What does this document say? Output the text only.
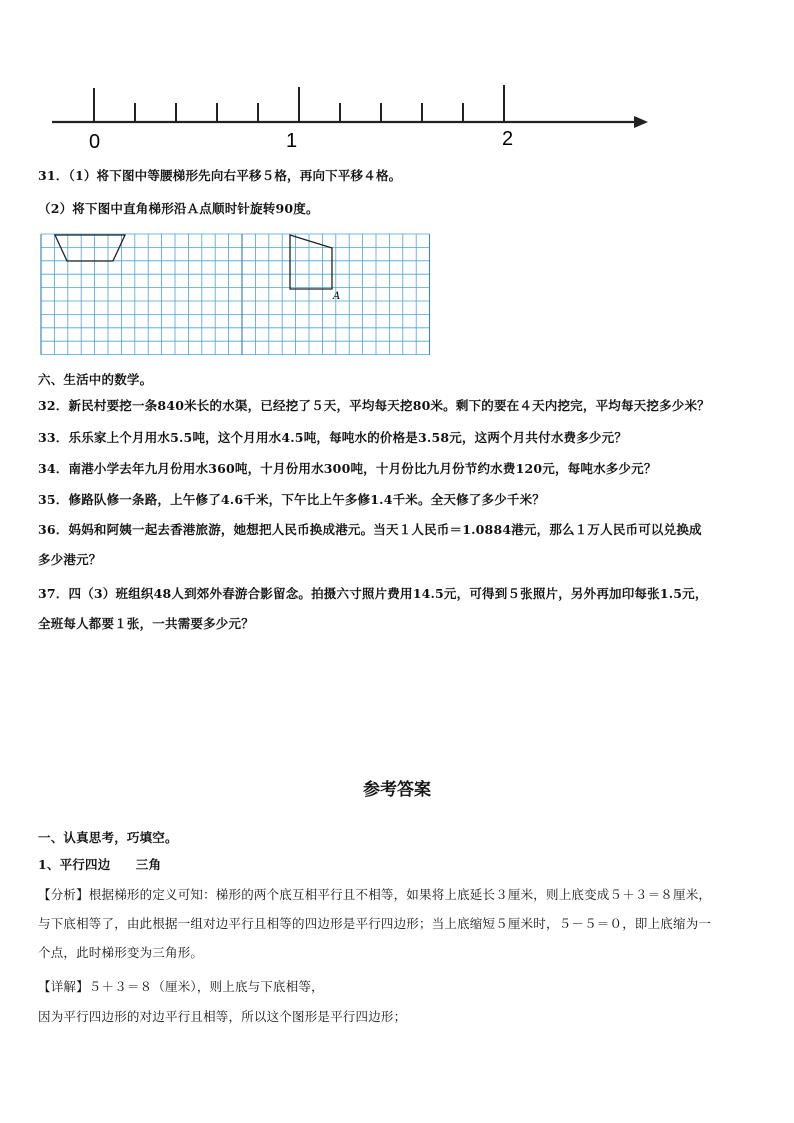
0	1	2
31．（1）将下图中等腰梯形先向右平移５格，再向下平移４格。
（2）将下图中直角梯形沿Ａ点顺时针旋转90度。
A
六、生活中的数学。
32．新民村要挖一条840米长的水渠，已经挖了５天，平均每天挖80米。剩下的要在４天内挖完，平均每天挖多少米？
33．乐乐家上个月用水5.5吨，这个月用水4.5吨，每吨水的价格是3.58元，这两个月共付水费多少元？
34．南港小学去年九月份用水360吨，十月份用水300吨，十月份比九月份节约水费120元，每吨水多少元？
35．修路队修一条路，上午修了4.6千米，下午比上午多修1.4千米。全天修了多少千米？
36．妈妈和阿姨一起去香港旅游，她想把人民币换成港元。当天１人民币＝1.0884港元，那么１万人民币可以兑换成
多少港元？
37．四（3）班组织48人到郊外春游合影留念。拍摄六寸照片费用14.5元，可得到５张照片，另外再加印每张1.5元，
全班每人都要１张，一共需要多少元？
参考答案
一、认真思考，巧填空。
1、平行四边　　三角
【分析】根据梯形的定义可知：梯形的两个底互相平行且不相等，如果将上底延长３厘米，则上底变成５＋３＝８厘米，
与下底相等了，由此根据一组对边平行且相等的四边形是平行四边形；当上底缩短５厘米时，５－５＝０，即上底缩为一
个点，此时梯形变为三角形。
【详解】５＋３＝８（厘米），则上底与下底相等，
因为平行四边形的对边平行且相等，所以这个图形是平行四边形；
